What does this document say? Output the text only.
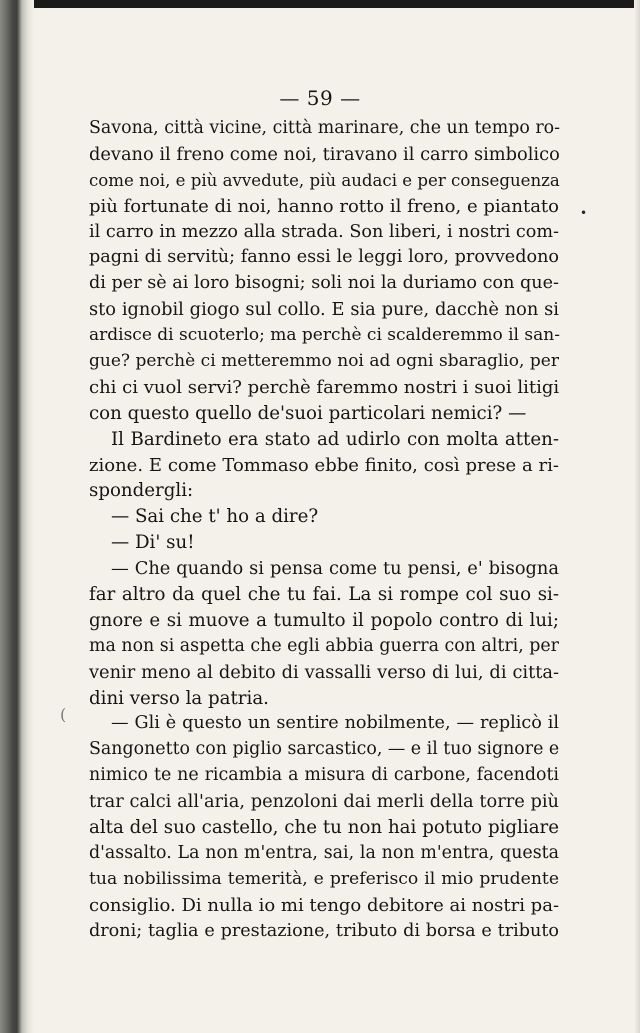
— 59 —
Savona, città vicine, città marinare, che un tempo ro-
devano il freno come noi, tiravano il carro simbolico
come noi, e più avvedute, più audaci e per conseguenza
più fortunate di noi, hanno rotto il freno, e piantato
il carro in mezzo alla strada. Son liberi, i nostri com-
pagni di servitù; fanno essi le leggi loro, provvedono
di per sè ai loro bisogni; soli noi la duriamo con que-
sto ignobil giogo sul collo. E sia pure, dacchè non si
ardisce di scuoterlo; ma perchè ci scalderemmo il san-
gue? perchè ci metteremmo noi ad ogni sbaraglio, per
chi ci vuol servi? perchè faremmo nostri i suoi litigi
con questo quello de'suoi particolari nemici? —
Il Bardineto era stato ad udirlo con molta atten-
zione. E come Tommaso ebbe finito, così prese a ri-
spondergli:
— Sai che t' ho a dire?
— Di' su!
— Che quando si pensa come tu pensi, e' bisogna
far altro da quel che tu fai. La si rompe col suo si-
gnore e si muove a tumulto il popolo contro di lui;
ma non si aspetta che egli abbia guerra con altri, per
venir meno al debito di vassalli verso di lui, di citta-
dini verso la patria.
— Gli è questo un sentire nobilmente, — replicò il
Sangonetto con piglio sarcastico, — e il tuo signore e
nimico te ne ricambia a misura di carbone, facendoti
trar calci all'aria, penzoloni dai merli della torre più
alta del suo castello, che tu non hai potuto pigliare
d'assalto. La non m'entra, sai, la non m'entra, questa
tua nobilissima temerità, e preferisco il mio prudente
consiglio. Di nulla io mi tengo debitore ai nostri pa-
droni; taglia e prestazione, tributo di borsa e tributo
•
(
